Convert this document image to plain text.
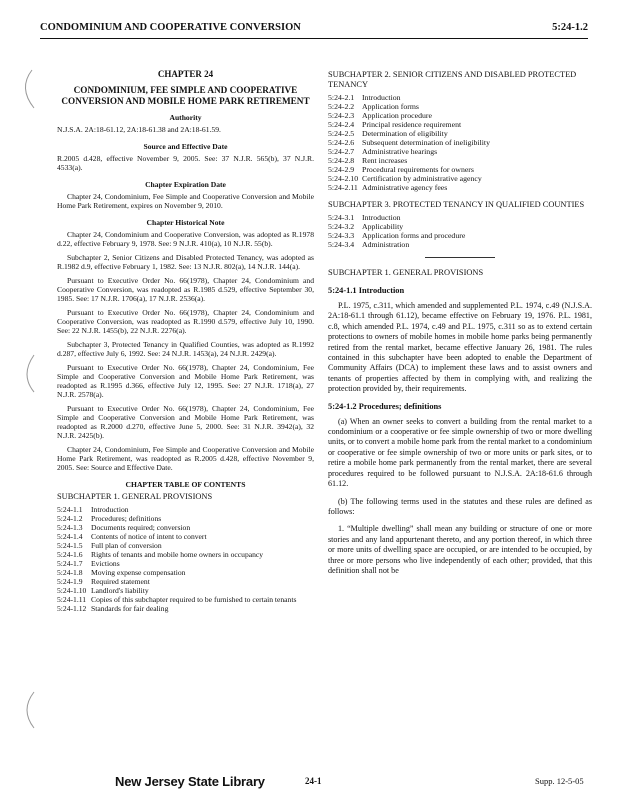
CONDOMINIUM AND COOPERATIVE CONVERSION	5:24-1.2
CHAPTER 24
CONDOMINIUM, FEE SIMPLE AND COOPERATIVE CONVERSION AND MOBILE HOME PARK RETIREMENT
Authority
N.J.S.A. 2A:18-61.12, 2A:18-61.38 and 2A:18-61.59.
Source and Effective Date
R.2005 d.428, effective November 9, 2005. See: 37 N.J.R. 565(b), 37 N.J.R. 4533(a).
Chapter Expiration Date
Chapter 24, Condominium, Fee Simple and Cooperative Conversion and Mobile Home Park Retirement, expires on November 9, 2010.
Chapter Historical Note
Chapter 24, Condominium and Cooperative Conversion, was adopted as R.1978 d.22, effective February 9, 1978. See: 9 N.J.R. 410(a), 10 N.J.R. 55(b).
Subchapter 2, Senior Citizens and Disabled Protected Tenancy, was adopted as R.1982 d.9, effective February 1, 1982. See: 13 N.J.R. 802(a), 14 N.J.R. 144(a).
Pursuant to Executive Order No. 66(1978), Chapter 24, Condominium and Cooperative Conversion, was readopted as R.1985 d.529, effective September 30, 1985. See: 17 N.J.R. 1706(a), 17 N.J.R. 2536(a).
Pursuant to Executive Order No. 66(1978), Chapter 24, Condominium and Cooperative Conversion, was readopted as R.1990 d.579, effective July 10, 1990. See: 22 N.J.R. 1455(b), 22 N.J.R. 2276(a).
Subchapter 3, Protected Tenancy in Qualified Counties, was adopted as R.1992 d.287, effective July 6, 1992. See: 24 N.J.R. 1453(a), 24 N.J.R. 2429(a).
Pursuant to Executive Order No. 66(1978), Chapter 24, Condominium, Fee Simple and Cooperative Conversion and Mobile Home Park Retirement, was readopted as R.1995 d.366, effective July 12, 1995. See: 27 N.J.R. 1718(a), 27 N.J.R. 2578(a).
Pursuant to Executive Order No. 66(1978), Chapter 24, Condominium, Fee Simple and Cooperative Conversion and Mobile Home Park Retirement, was readopted as R.2000 d.270, effective June 5, 2000. See: 31 N.J.R. 3942(a), 32 N.J.R. 2425(b).
Chapter 24, Condominium, Fee Simple and Cooperative Conversion and Mobile Home Park Retirement, was readopted as R.2005 d.428, effective November 9, 2005. See: Source and Effective Date.
CHAPTER TABLE OF CONTENTS
SUBCHAPTER 1. GENERAL PROVISIONS
5:24-1.1	Introduction
5:24-1.2	Procedures; definitions
5:24-1.3	Documents required; conversion
5:24-1.4	Contents of notice of intent to convert
5:24-1.5	Full plan of conversion
5:24-1.6	Rights of tenants and mobile home owners in occupancy
5:24-1.7	Evictions
5:24-1.8	Moving expense compensation
5:24-1.9	Required statement
5:24-1.10 Landlord's liability
5:24-1.11 Copies of this subchapter required to be furnished to certain tenants
5:24-1.12 Standards for fair dealing
SUBCHAPTER 2. SENIOR CITIZENS AND DISABLED PROTECTED TENANCY
5:24-2.1 Introduction
5:24-2.2 Application forms
5:24-2.3 Application procedure
5:24-2.4 Principal residence requirement
5:24-2.5 Determination of eligibility
5:24-2.6 Subsequent determination of ineligibility
5:24-2.7 Administrative hearings
5:24-2.8 Rent increases
5:24-2.9 Procedural requirements for owners
5:24-2.10 Certification by administrative agency
5:24-2.11 Administrative agency fees
SUBCHAPTER 3. PROTECTED TENANCY IN QUALIFIED COUNTIES
5:24-3.1 Introduction
5:24-3.2 Applicability
5:24-3.3 Application forms and procedure
5:24-3.4 Administration
SUBCHAPTER 1. GENERAL PROVISIONS
5:24-1.1 Introduction
P.L. 1975, c.311, which amended and supplemented P.L. 1974, c.49 (N.J.S.A. 2A:18-61.1 through 61.12), became effective on February 19, 1976. P.L. 1981, c.8, which amended P.L. 1974, c.49 and P.L. 1975, c.311 so as to extend certain protections to owners of mobile homes in mobile home parks being permanently retired from the rental market, became effective January 26, 1981. The rules contained in this subchapter have been adopted to enable the Department of Community Affairs (DCA) to implement these laws and to assist owners and tenants of properties affected by them in complying with, and realizing the protection provided by, their requirements.
5:24-1.2 Procedures; definitions
(a) When an owner seeks to convert a building from the rental market to a condominium or a cooperative or fee simple ownership of two or more dwelling units, or to convert a mobile home park from the rental market to a condominium or cooperative or fee simple ownership of two or more units or park sites, or to retire a mobile home park permanently from the rental market, there are several procedures required to be followed pursuant to N.J.S.A. 2A:18-61.6 through 61.12.
(b) The following terms used in the statutes and these rules are defined as follows:
1. “Multiple dwelling” shall mean any building or structure of one or more stories and any land appurtenant thereto, and any portion thereof, in which three or more units of dwelling space are occupied, or are intended to be occupied, by three or more persons who live independently of each other; provided, that this definition shall not be
New Jersey State Library	24-1	Supp. 12-5-05
